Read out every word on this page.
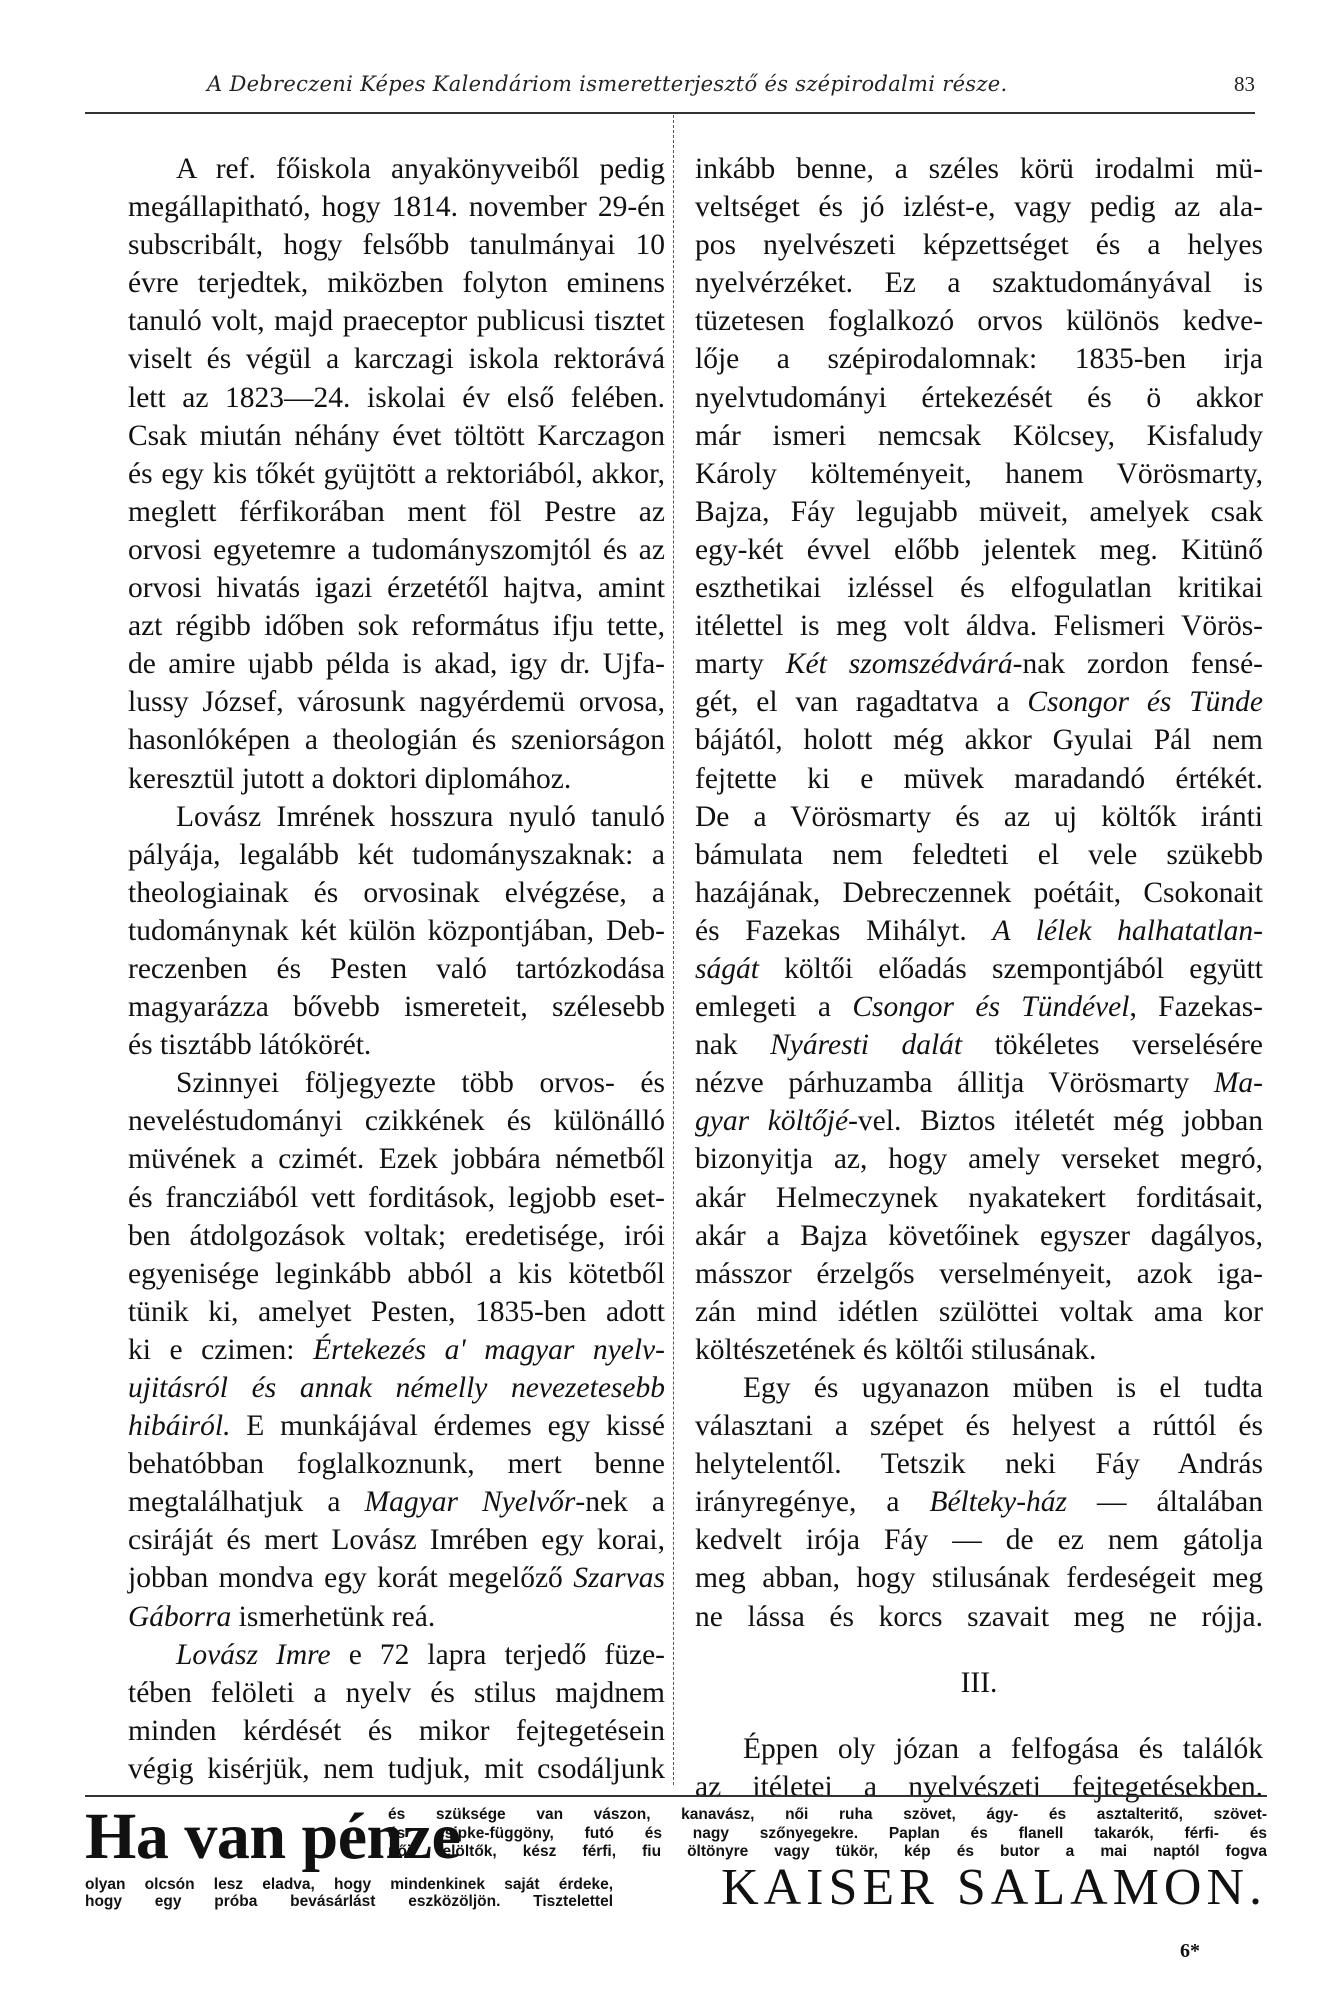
A Debreczeni Képes Kalendáriom ismeretterjesztő és szépirodalmi része.	83
A ref. főiskola anyakönyveiből pedig
megállapitható, hogy 1814. november 29-én
subscribált, hogy felsőbb tanulmányai 10
évre terjedtek, miközben folyton eminens
tanuló volt, majd praeceptor publicusi tisztet
viselt és végül a karczagi iskola rektorává
lett az 1823—24. iskolai év első felében.
Csak miután néhány évet töltött Karczagon
és egy kis tőkét gyüjtött a rektoriából, akkor,
meglett férfikorában ment föl Pestre az
orvosi egyetemre a tudományszomjtól és az
orvosi hivatás igazi érzetétől hajtva, amint
azt régibb időben sok református ifju tette,
de amire ujabb példa is akad, igy dr. Ujfa-
lussy József, városunk nagyérdemü orvosa,
hasonlóképen a theologián és szeniorságon
keresztül jutott a doktori diplomához.
Lovász Imrének hosszura nyuló tanuló
pályája, legalább két tudományszaknak: a
theologiainak és orvosinak elvégzése, a
tudománynak két külön központjában, Deb-
reczenben és Pesten való tartózkodása
magyarázza bővebb ismereteit, szélesebb
és tisztább látókörét.
Szinnyei följegyezte több orvos- és
neveléstudományi czikkének és különálló
müvének a czimét. Ezek jobbára németből
és francziából vett forditások, legjobb eset-
ben átdolgozások voltak; eredetisége, irói
egyenisége leginkább abból a kis kötetből
tünik ki, amelyet Pesten, 1835-ben adott
ki e czimen: Értekezés a' magyar nyelv-
ujitásról és annak némelly nevezetesebb
hibáiról. E munkájával érdemes egy kissé
behatóbban foglalkoznunk, mert benne
megtalálhatjuk a Magyar Nyelvőr-nek a
csiráját és mert Lovász Imrében egy korai,
jobban mondva egy korát megelőző Szarvas
Gáborra ismerhetünk reá.
Lovász Imre e 72 lapra terjedő füze-
tében felöleti a nyelv és stilus majdnem
minden kérdését és mikor fejtegetésein
végig kisérjük, nem tudjuk, mit csodáljunk
inkább benne, a széles körü irodalmi mü-
veltséget és jó izlést-e, vagy pedig az ala-
pos nyelvészeti képzettséget és a helyes
nyelvérzéket. Ez a szaktudományával is
tüzetesen foglalkozó orvos különös kedve-
lője a szépirodalomnak: 1835-ben irja
nyelvtudományi értekezését és ö akkor
már ismeri nemcsak Kölcsey, Kisfaludy
Károly költeményeit, hanem Vörösmarty,
Bajza, Fáy legujabb müveit, amelyek csak
egy-két évvel előbb jelentek meg. Kitünő
eszthetikai izléssel és elfogulatlan kritikai
itélettel is meg volt áldva. Felismeri Vörös-
marty Két szomszédvárá-nak zordon fensé-
gét, el van ragadtatva a Csongor és Tünde
bájától, holott még akkor Gyulai Pál nem
fejtette ki e müvek maradandó értékét.
De a Vörösmarty és az uj költők iránti
bámulata nem feledteti el vele szükebb
hazájának, Debreczennek poétáit, Csokonait
és Fazekas Mihályt. A lélek halhatatlan-
ságát költői előadás szempontjából együtt
emlegeti a Csongor és Tündével, Fazekas-
nak Nyáresti dalát tökéletes verselésére
nézve párhuzamba állitja Vörösmarty Ma-
gyar költőjé-vel. Biztos itéletét még jobban
bizonyitja az, hogy amely verseket megró,
akár Helmeczynek nyakatekert forditásait,
akár a Bajza követőinek egyszer dagályos,
másszor érzelgős verselményeit, azok iga-
zán mind idétlen szülöttei voltak ama kor
költészetének és költői stilusának.
Egy és ugyanazon müben is el tudta
választani a szépet és helyest a rúttól és
helytelentől. Tetszik neki Fáy András
irányregénye, a Bélteky-ház — általában
kedvelt irója Fáy — de ez nem gátolja
meg abban, hogy stilusának ferdeségeit meg
ne lássa és korcs szavait meg ne rójja.
III.
Éppen oly józan a felfogása és találók
az itéletei a nyelvészeti fejtegetésekben.
Ha van pénze
és szüksége van vászon, kanavász, női ruha szövet, ágy- és asztalteritő, szövet-
és csipke-függöny, futó és nagy szőnyegekre. Paplan és flanell takarók, férfi- és
női felöltők, kész férfi, fiu öltönyre vagy tükör, kép és butor a mai naptól fogva
olyan olcsón lesz eladva, hogy mindenkinek saját érdeke,
hogy egy próba bevásárlást eszközöljön. Tisztelettel KAISER SALAMON.
6*
